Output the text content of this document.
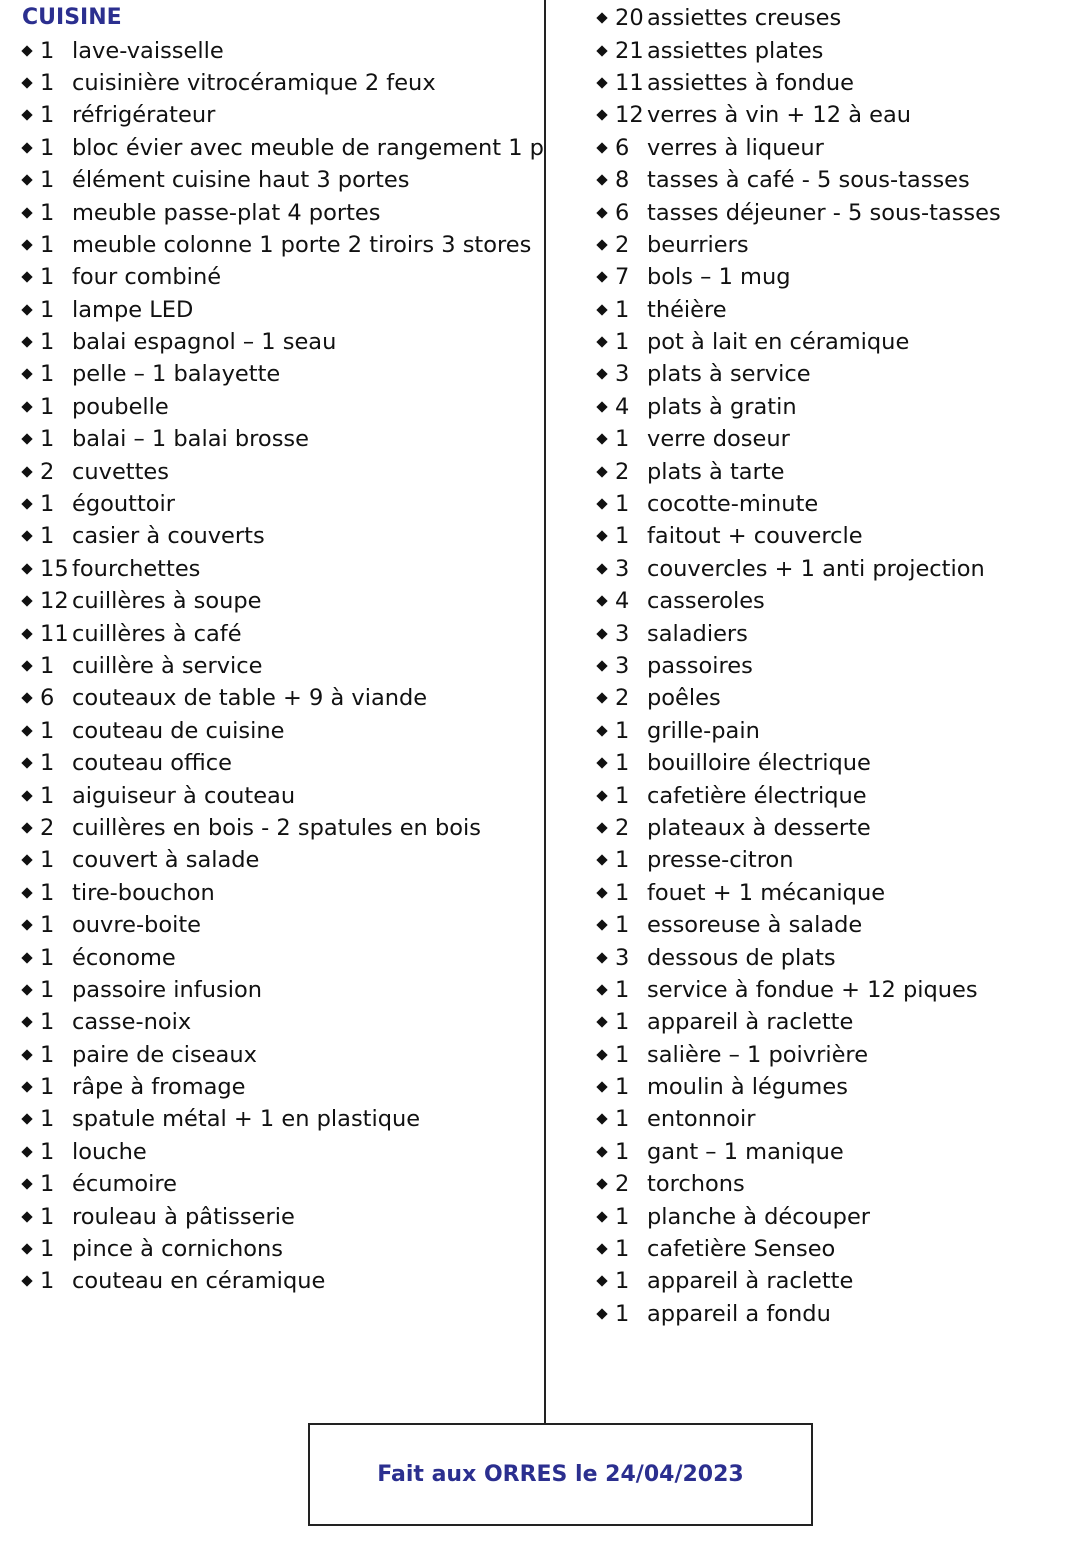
CUISINE
1 lave-vaisselle
1 cuisinière vitrocéramique 2 feux
1 réfrigérateur
1 bloc évier avec meuble de rangement 1 p
1 élément cuisine haut 3 portes
1 meuble passe-plat 4 portes
1 meuble colonne 1 porte 2 tiroirs 3 stores
1 four combiné
1 lampe LED
1 balai espagnol – 1 seau
1 pelle – 1 balayette
1 poubelle
1 balai – 1 balai brosse
2 cuvettes
1 égouttoir
1 casier à couverts
15 fourchettes
12 cuillères à soupe
11 cuillères à café
1 cuillère à service
6 couteaux de table + 9 à viande
1 couteau de cuisine
1 couteau office
1 aiguiseur à couteau
2 cuillères en bois - 2 spatules en bois
1 couvert à salade
1 tire-bouchon
1 ouvre-boite
1 économe
1 passoire infusion
1 casse-noix
1 paire de ciseaux
1 râpe à fromage
1 spatule métal + 1 en plastique
1 louche
1 écumoire
1 rouleau à pâtisserie
1 pince à cornichons
1 couteau en céramique
20 assiettes creuses
21 assiettes plates
11 assiettes à fondue
12 verres à vin + 12 à eau
6 verres à liqueur
8 tasses à café - 5 sous-tasses
6 tasses déjeuner - 5 sous-tasses
2 beurriers
7 bols – 1 mug
1 théière
1 pot à lait en céramique
3 plats à service
4 plats à gratin
1 verre doseur
2 plats à tarte
1 cocotte-minute
1 faitout + couvercle
3 couvercles + 1 anti projection
4 casseroles
3 saladiers
3 passoires
2 poêles
1 grille-pain
1 bouilloire électrique
1 cafetière électrique
2 plateaux à desserte
1 presse-citron
1 fouet + 1 mécanique
1 essoreuse à salade
3 dessous de plats
1 service à fondue + 12 piques
1 appareil à raclette
1 salière – 1 poivrière
1 moulin à légumes
1 entonnoir
1 gant – 1 manique
2 torchons
1 planche à découper
1 cafetière Senseo
1 appareil à raclette
1 appareil a fondu
Fait aux ORRES le 24/04/2023
